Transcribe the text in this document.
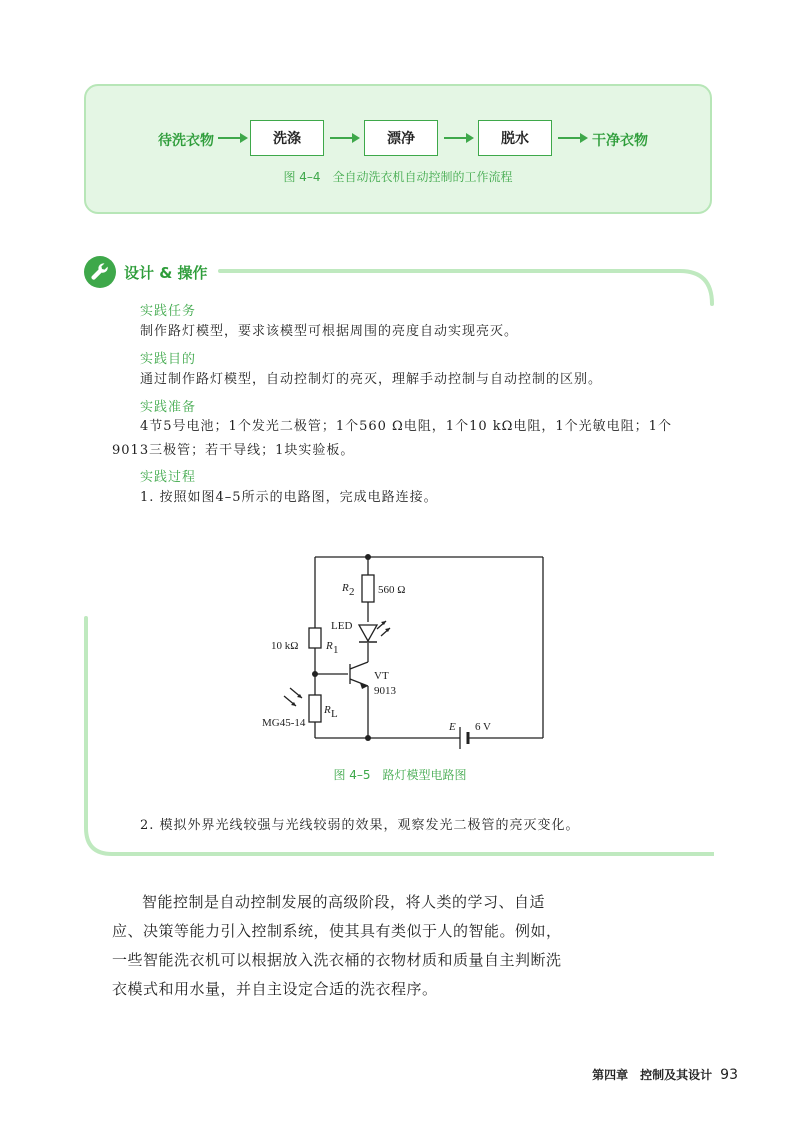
待洗衣物	洗涤	漂净	脱水	干净衣物
图 4–4　全自动洗衣机自动控制的工作流程
设计 & 操作
实践任务
制作路灯模型，要求该模型可根据周围的亮度自动实现亮灭。
实践目的
通过制作路灯模型，自动控制灯的亮灭，理解手动控制与自动控制的区别。
实践准备
4节5号电池；1个发光二极管；1个560 Ω电阻，1个10 kΩ电阻，1个光敏电阻；1个9013三极管；若干导线；1块实验板。
实践过程
1. 按照如图4–5所示的电路图，完成电路连接。
R 2 560 Ω
LED
10 kΩ	R 1
VT
9013
R L
MG45-14	E 6 V
图 4–5　路灯模型电路图
2. 模拟外界光线较强与光线较弱的效果，观察发光二极管的亮灭变化。
智能控制是自动控制发展的高级阶段，将人类的学习、自适应、决策等能力引入控制系统，使其具有类似于人的智能。例如，一些智能洗衣机可以根据放入洗衣桶的衣物材质和质量自主判断洗衣模式和用水量，并自主设定合适的洗衣程序。
第四章　控制及其设计 93
